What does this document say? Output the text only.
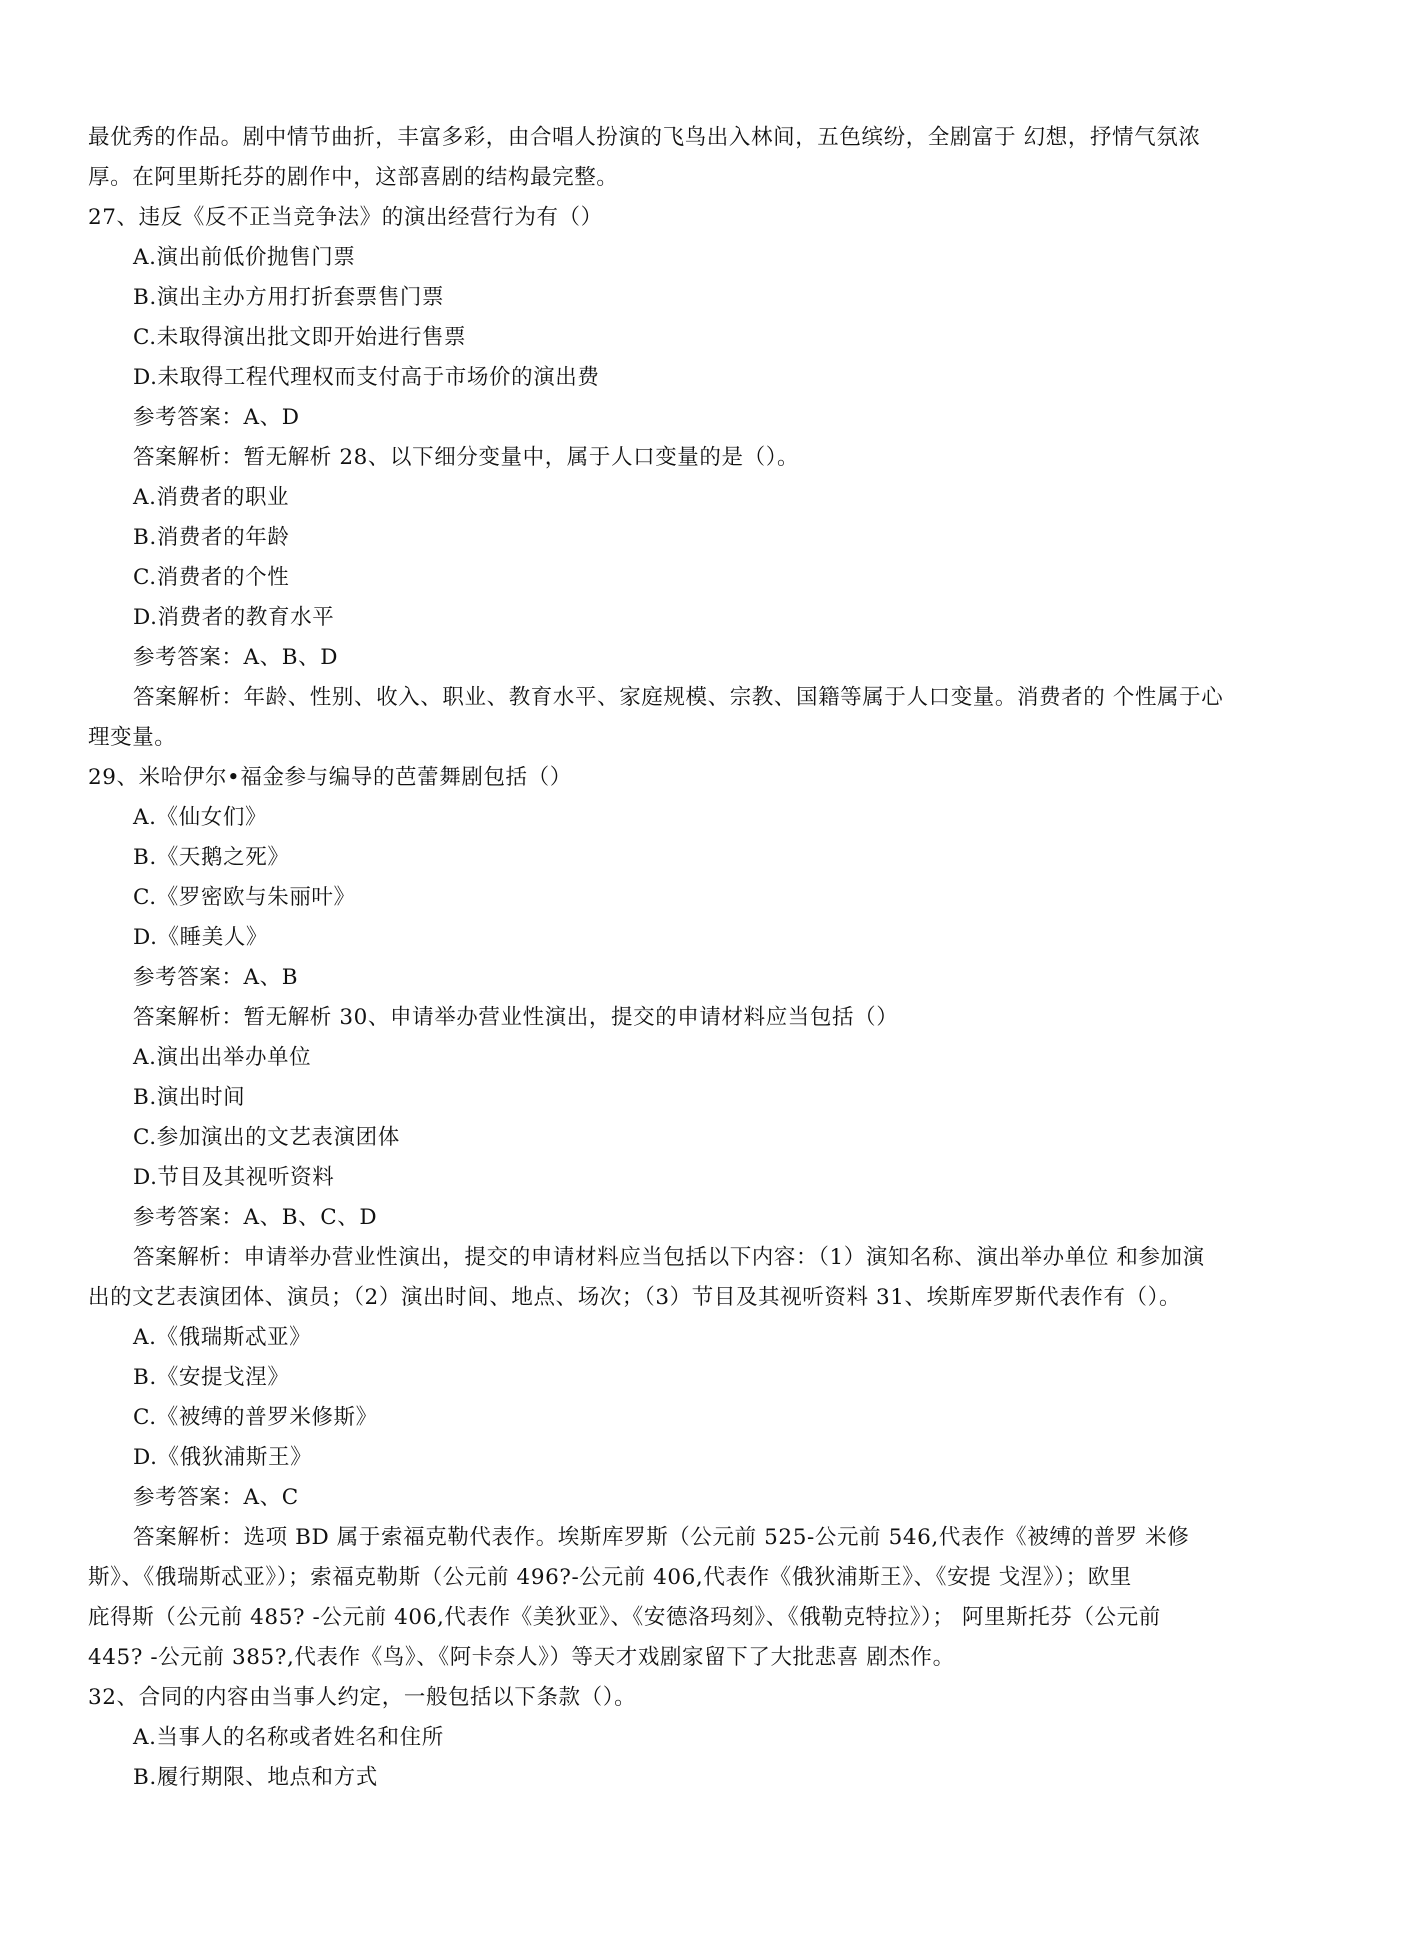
最优秀的作品。剧中情节曲折，丰富多彩，由合唱人扮演的飞鸟出入林间，五色缤纷，全剧富于 幻想，抒情气氛浓
厚。在阿里斯托芬的剧作中，这部喜剧的结构最完整。
27、违反《反不正当竞争法》的演出经营行为有（）
A.演出前低价抛售门票
B.演出主办方用打折套票售门票
C.未取得演出批文即开始进行售票
D.未取得工程代理权而支付高于市场价的演出费
参考答案：A、D
答案解析：暂无解析 28、以下细分变量中，属于人口变量的是（）。
A.消费者的职业
B.消费者的年龄
C.消费者的个性
D.消费者的教育水平
参考答案：A、B、D
答案解析：年龄、性别、收入、职业、教育水平、家庭规模、宗教、国籍等属于人口变量。消费者的 个性属于心
理变量。
29、米哈伊尔•福金参与编导的芭蕾舞剧包括（）
A.《仙女们》
B.《天鹅之死》
C.《罗密欧与朱丽叶》
D.《睡美人》
参考答案：A、B
答案解析：暂无解析 30、申请举办营业性演出，提交的申请材料应当包括（）
A.演出出举办单位
B.演出时间
C.参加演出的文艺表演团体
D.节目及其视听资料
参考答案：A、B、C、D
答案解析：申请举办营业性演出，提交的申请材料应当包括以下内容：（1）演知名称、演出举办单位 和参加演
出的文艺表演团体、演员；（2）演出时间、地点、场次；（3）节目及其视听资料 31、埃斯库罗斯代表作有（）。
A.《俄瑞斯忒亚》
B.《安提戈涅》
C.《被缚的普罗米修斯》
D.《俄狄浦斯王》
参考答案：A、C
答案解析：选项 BD 属于索福克勒代表作。埃斯库罗斯（公元前 525-公元前 546,代表作《被缚的普罗 米修
斯》、《俄瑞斯忒亚》）；索福克勒斯（公元前 496?-公元前 406,代表作《俄狄浦斯王》、《安提 戈涅》）；欧里
庇得斯（公元前 485? -公元前 406,代表作《美狄亚》、《安德洛玛刻》、《俄勒克特拉》）； 阿里斯托芬（公元前
445? -公元前 385?,代表作《鸟》、《阿卡奈人》）等天才戏剧家留下了大批悲喜 剧杰作。
32、合同的内容由当事人约定，一般包括以下条款（）。
A.当事人的名称或者姓名和住所
B.履行期限、地点和方式
